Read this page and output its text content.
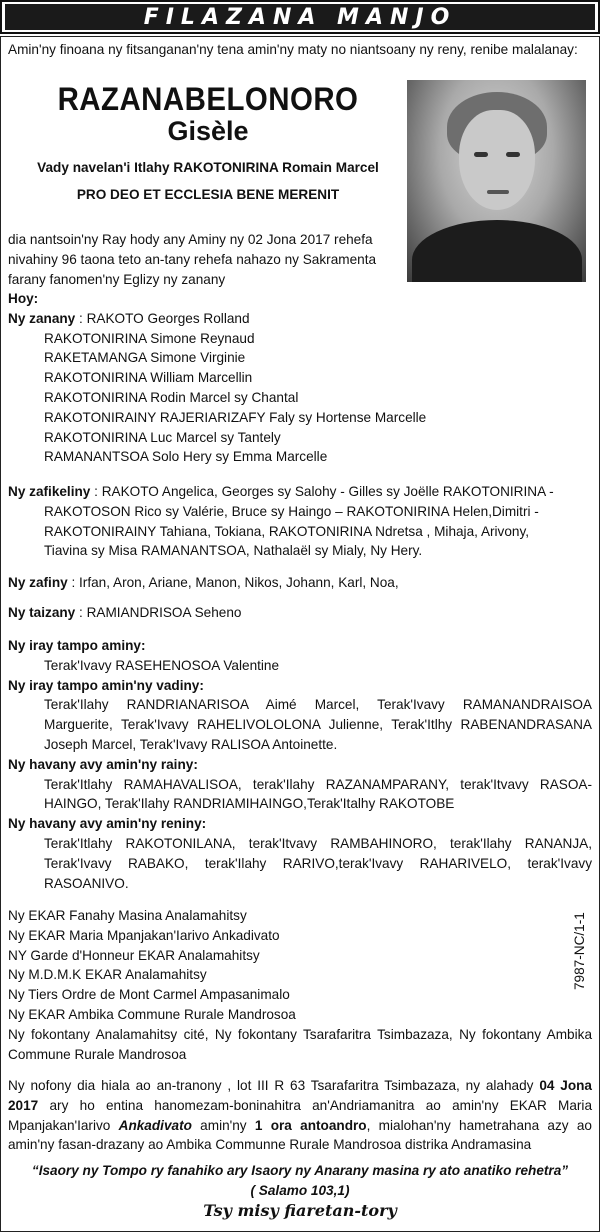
FILAZANA MANJO
Amin'ny finoana ny fitsanganan'ny tena amin'ny maty no niantsoany ny reny, renibe malalanay:
RAZANABELONORO
Gisèle
Vady navelan'i Itlahy RAKOTONIRINA Romain Marcel
PRO DEO ET ECCLESIA BENE MERENIT
dia nantsoin'ny Ray hody any Aminy ny 02 Jona 2017 rehefa
nivahiny 96 taona teto an-tany rehefa nahazo ny Sakramenta
farany fanomen'ny Eglizy ny zanany
Hoy:
Ny zanany : RAKOTO Georges Rolland
RAKOTONIRINA Simone Reynaud
RAKETAMANGA Simone Virginie
RAKOTONIRINA William Marcellin
RAKOTONIRINA Rodin Marcel sy Chantal
RAKOTONIRAINY RAJERIARIZAFY Faly sy Hortense Marcelle
RAKOTONIRINA Luc Marcel sy Tantely
RAMANANTSOA Solo Hery sy Emma Marcelle
Ny zafikeliny : RAKOTO Angelica, Georges sy Salohy - Gilles sy Joëlle RAKOTONIRINA -
RAKOTOSON Rico sy Valérie, Bruce sy Haingo – RAKOTONIRINA Helen,Dimitri -
RAKOTONIRAINY Tahiana, Tokiana, RAKOTONIRINA Ndretsa , Mihaja, Arivony,
Tiavina sy Misa RAMANANTSOA, Nathalaël sy Mialy, Ny Hery.
Ny zafiny : Irfan, Aron, Ariane, Manon, Nikos, Johann, Karl, Noa,
Ny taizany : RAMIANDRISOA Seheno
Ny iray tampo aminy:
Terak'Ivavy RASEHENOSOA Valentine
Ny iray tampo amin'ny vadiny:
Terak'Ilahy RANDRIANARISOA Aimé Marcel, Terak'Ivavy RAMANANDRAISOA Marguerite, Terak'Ivavy RAHELIVOLOLONA Julienne, Terak'Itlhy RABENANDRASANA Joseph Marcel, Terak'Ivavy RALISOA Antoinette.
Ny havany avy amin'ny rainy:
Terak'Itlahy RAMAHAVALISOA, terak'Ilahy RAZANAMPARANY, terak'Itvavy RASOA-HAINGO, Terak'Ilahy RANDRIAMIHAINGO,Terak'Italhy RAKOTOBE
Ny havany avy amin'ny reniny:
Terak'Itlahy RAKOTONILANA, terak'Itvavy RAMBAHINORO, terak'Ilahy RANANJA, Terak'Ivavy RABAKO, terak'Ilahy RARIVO,terak'Ivavy RAHARIVELO, terak'Ivavy RASOANIVO.
Ny EKAR Fanahy Masina Analamahitsy
Ny EKAR Maria Mpanjakan'Iarivo Ankadivato
NY Garde d'Honneur EKAR Analamahitsy
Ny M.D.M.K EKAR Analamahitsy
Ny Tiers Ordre de Mont Carmel Ampasanimalo
Ny EKAR Ambika Commune Rurale Mandrosoa
Ny fokontany Analamahitsy cité, Ny fokontany Tsarafaritra Tsimbazaza, Ny fokontany Ambika Commune Rurale Mandrosoa
7987-NC/1-1
Ny nofony dia hiala ao an-tranony , lot III R 63 Tsarafaritra Tsimbazaza, ny alahady 04 Jona 2017 ary ho entina hanomezam-boninahitra an'Andriamanitra ao amin'ny EKAR Maria Mpanjakan'Iarivo Ankadivato amin'ny 1 ora antoandro, mialohan'ny hametrahana azy ao amin'ny fasan-drazany ao Ambika Communne Rurale Mandrosoa distrika Andramasina
“Isaory ny Tompo ry fanahiko ary Isaory ny Anarany masina ry ato anatiko rehetra”
( Salamo 103,1)
Tsy misy fiaretan-tory
